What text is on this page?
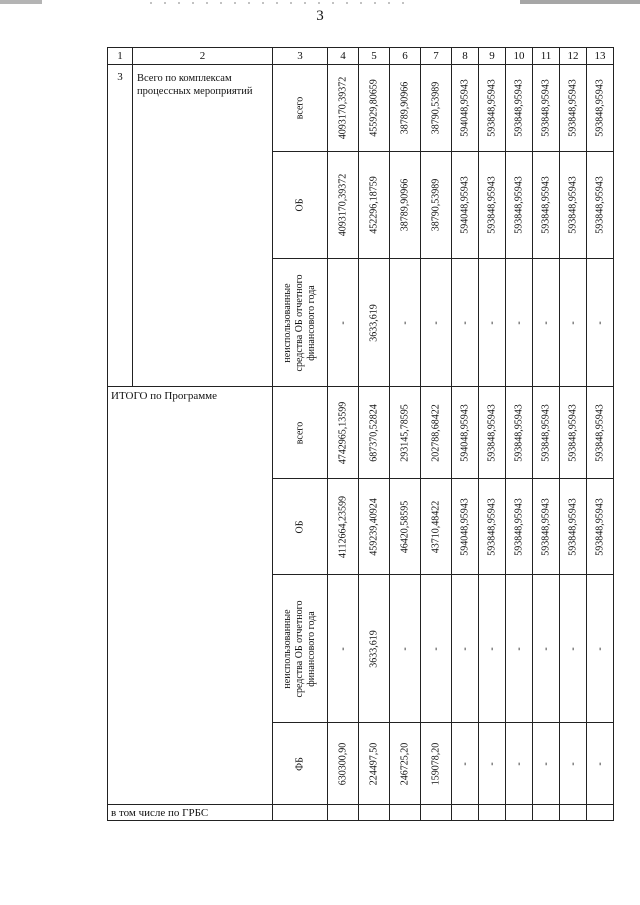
3
1	2	3	4	5	6	7	8	9	10	11	12	13

3	Всего по комплексам процессных мероприятий	всего	4093170,39372	455929,80659	38789,90966	38790,53989	594048,95943	593848,95943	593848,95943	593848,95943	593848,95943	593848,95943

		ОБ	4093170,39372	452296,18759	38789,90966	38790,53989	594048,95943	593848,95943	593848,95943	593848,95943	593848,95943	593848,95943

		неиспользованные средства ОБ отчетного финансового года	-	3633,619	-	-	-	-	-	-	-	-

ИТОГО по Программе		всего	4742965,13599	687370,52824	293145,78595	202788,68422	594048,95943	593848,95943	593848,95943	593848,95943	593848,95943	593848,95943

		ОБ	4112664,23599	459239,40924	46420,58595	43710,48422	594048,95943	593848,95943	593848,95943	593848,95943	593848,95943	593848,95943

		неиспользованные средства ОБ отчетного финансового года	-	3633,619	-	-	-	-	-	-	-	-

		ФБ	630300,90	224497,50	246725,20	159078,20	-	-	-	-	-	-

в том числе по ГРБС												
